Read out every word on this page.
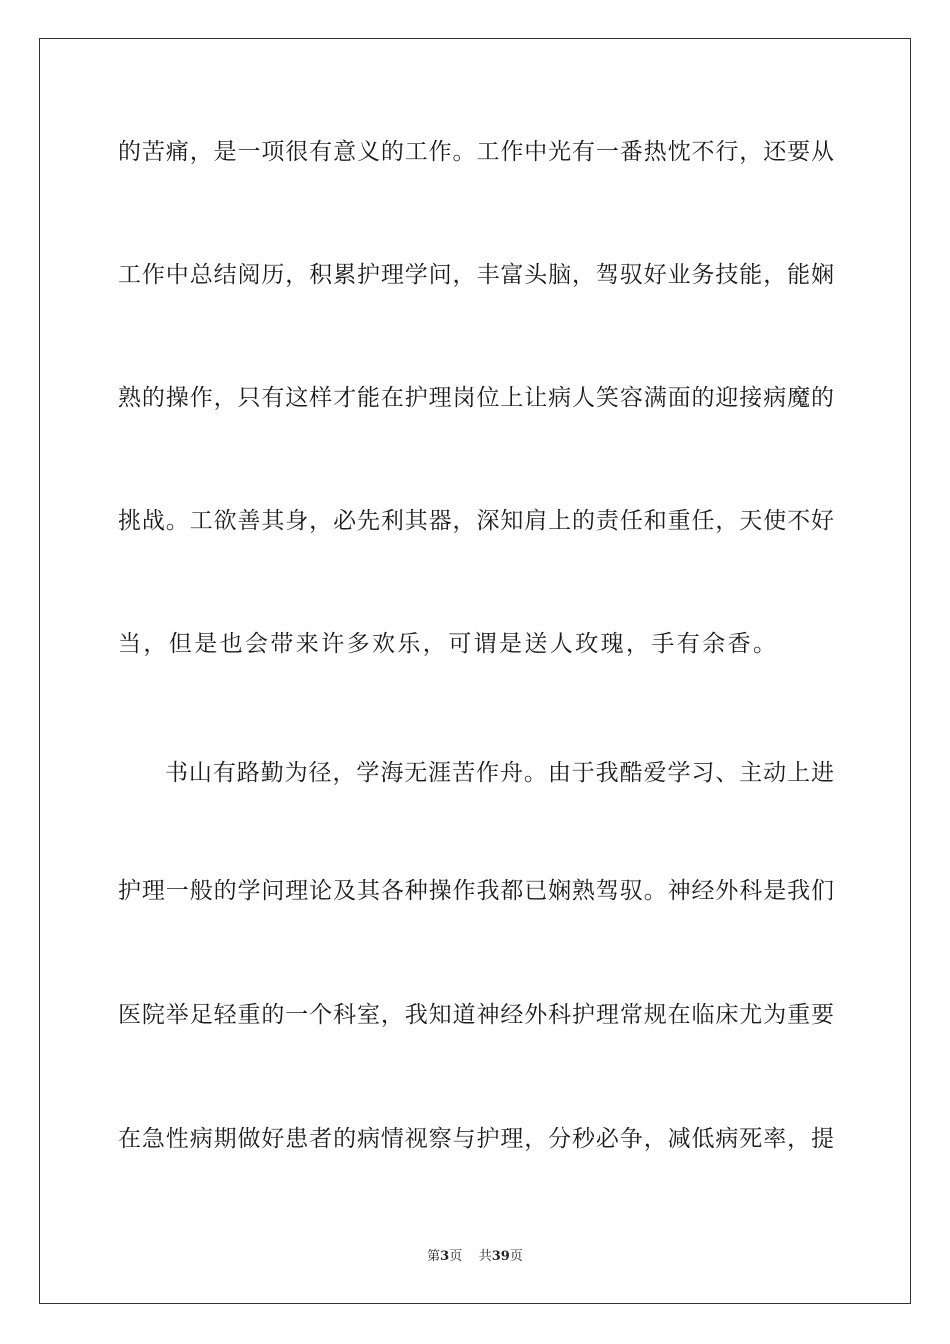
的苦痛，是一项很有意义的工作。工作中光有一番热忱不行，还要从
工作中总结阅历，积累护理学问，丰富头脑，驾驭好业务技能，能娴
熟的操作，只有这样才能在护理岗位上让病人笑容满面的迎接病魔的
挑战。工欲善其身，必先利其器，深知肩上的责任和重任，天使不好
当，但是也会带来许多欢乐，可谓是送人玫瑰，手有余香。
书山有路勤为径，学海无涯苦作舟。由于我酷爱学习、主动上进
护理一般的学问理论及其各种操作我都已娴熟驾驭。神经外科是我们
医院举足轻重的一个科室，我知道神经外科护理常规在临床尤为重要
在急性病期做好患者的病情视察与护理，分秒必争，减低病死率，提
第3页 共39页
